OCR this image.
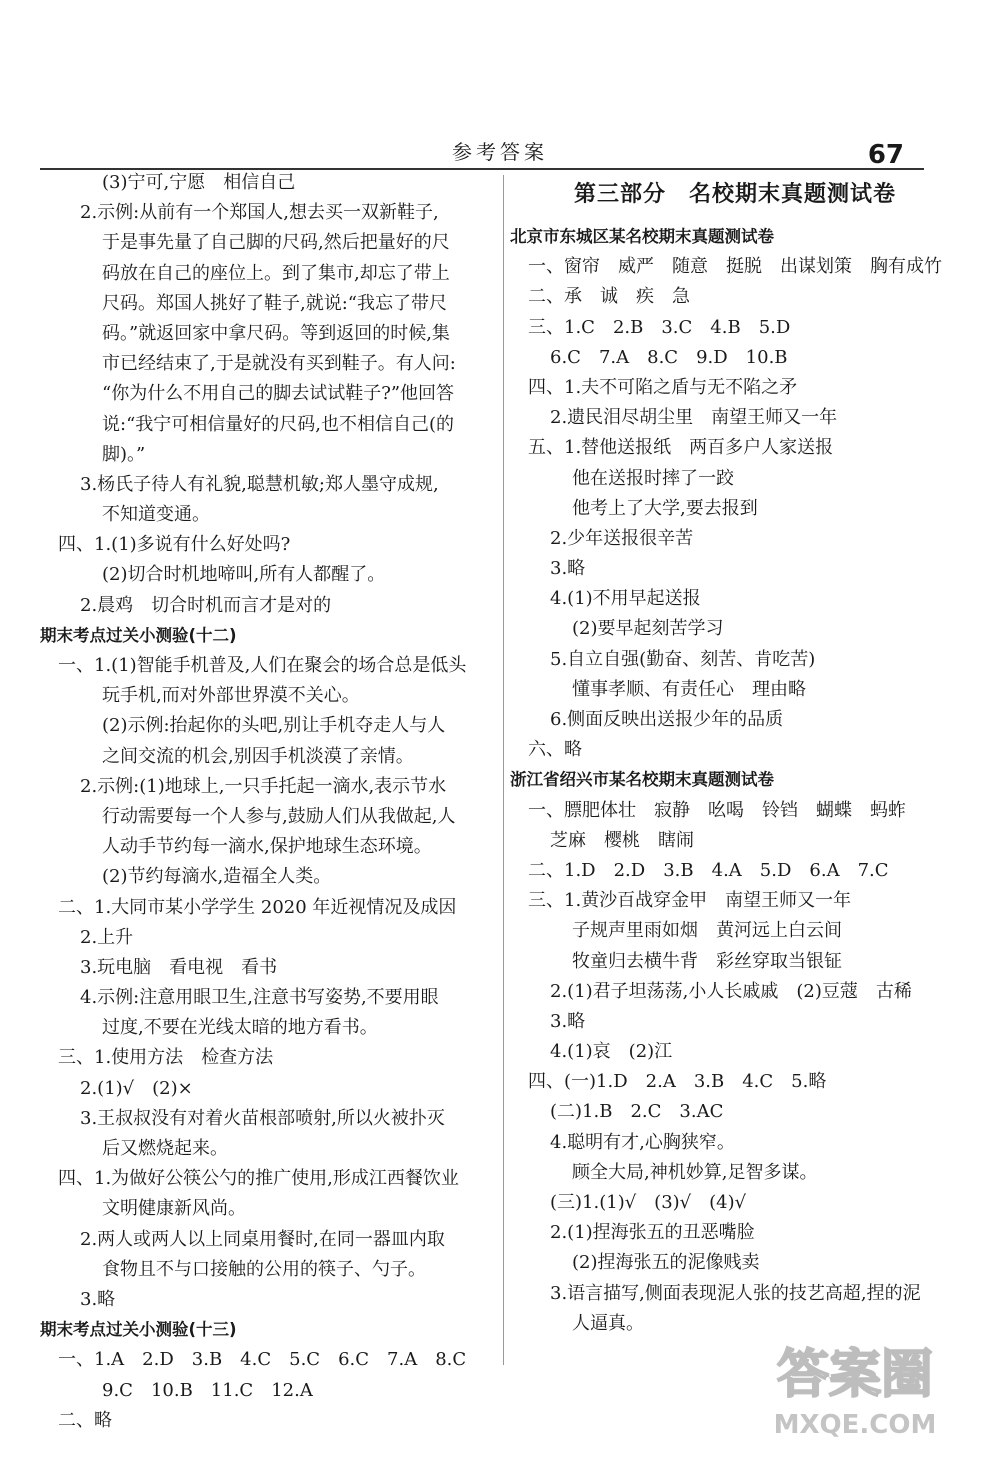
参考答案	67
(3)宁可,宁愿　相信自己
2.示例:从前有一个郑国人,想去买一双新鞋子,
于是事先量了自己脚的尺码,然后把量好的尺
码放在自己的座位上。到了集市,却忘了带上
尺码。郑国人挑好了鞋子,就说:“我忘了带尺
码。”就返回家中拿尺码。等到返回的时候,集
市已经结束了,于是就没有买到鞋子。有人问:
“你为什么不用自己的脚去试试鞋子?”他回答
说:“我宁可相信量好的尺码,也不相信自己(的
脚)。”
3.杨氏子待人有礼貌,聪慧机敏;郑人墨守成规,
不知道变通。
四、1.(1)多说有什么好处吗?
(2)切合时机地啼叫,所有人都醒了。
2.晨鸡　切合时机而言才是对的
期末考点过关小测验(十二)
一、1.(1)智能手机普及,人们在聚会的场合总是低头
玩手机,而对外部世界漠不关心。
(2)示例:抬起你的头吧,别让手机夺走人与人
之间交流的机会,别因手机淡漠了亲情。
2.示例:(1)地球上,一只手托起一滴水,表示节水
行动需要每一个人参与,鼓励人们从我做起,人
人动手节约每一滴水,保护地球生态环境。
(2)节约每滴水,造福全人类。
二、1.大同市某小学学生 2020 年近视情况及成因
2.上升
3.玩电脑　看电视　看书
4.示例:注意用眼卫生,注意书写姿势,不要用眼
过度,不要在光线太暗的地方看书。
三、1.使用方法　检查方法
2.(1)√　(2)×
3.王叔叔没有对着火苗根部喷射,所以火被扑灭
后又燃烧起来。
四、1.为做好公筷公勺的推广使用,形成江西餐饮业
文明健康新风尚。
2.两人或两人以上同桌用餐时,在同一器皿内取
食物且不与口接触的公用的筷子、勺子。
3.略
期末考点过关小测验(十三)
一、1.A　2.D　3.B　4.C　5.C　6.C　7.A　8.C
9.C　10.B　11.C　12.A
二、略
第三部分　名校期末真题测试卷
北京市东城区某名校期末真题测试卷
一、窗帘　威严　随意　挺脱　出谋划策　胸有成竹
二、承　诚　疾　急
三、1.C　2.B　3.C　4.B　5.D
6.C　7.A　8.C　9.D　10.B
四、1.夫不可陷之盾与无不陷之矛
2.遗民泪尽胡尘里　南望王师又一年
五、1.替他送报纸　两百多户人家送报
他在送报时摔了一跤
他考上了大学,要去报到
2.少年送报很辛苦
3.略
4.(1)不用早起送报
(2)要早起刻苦学习
5.自立自强(勤奋、刻苦、肯吃苦)
懂事孝顺、有责任心　理由略
6.侧面反映出送报少年的品质
六、略
浙江省绍兴市某名校期末真题测试卷
一、膘肥体壮　寂静　吆喝　铃铛　蝴蝶　蚂蚱
芝麻　樱桃　瞎闹
二、1.D　2.D　3.B　4.A　5.D　6.A　7.C
三、1.黄沙百战穿金甲　南望王师又一年
子规声里雨如烟　黄河远上白云间
牧童归去横牛背　彩丝穿取当银钲
2.(1)君子坦荡荡,小人长戚戚　(2)豆蔻　古稀
3.略
4.(1)哀　(2)江
四、(一)1.D　2.A　3.B　4.C　5.略
(二)1.B　2.C　3.AC
4.聪明有才,心胸狭窄。
顾全大局,神机妙算,足智多谋。
(三)1.(1)√　(3)√　(4)√
2.(1)捏海张五的丑恶嘴脸
(2)捏海张五的泥像贱卖
3.语言描写,侧面表现泥人张的技艺高超,捏的泥
人逼真。
答案圈
MXQE.COM
